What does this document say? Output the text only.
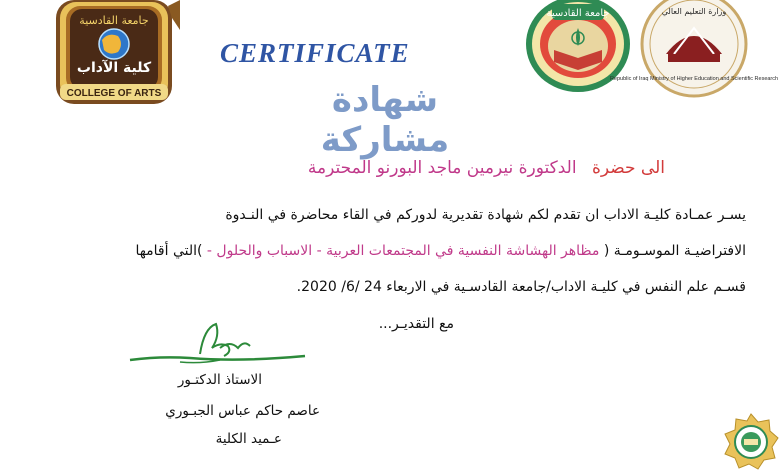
جامعة القادسية
كلية الآداب
COLLEGE OF ARTS
CERTIFICATE
شهادة مشاركة
جامعة القادسية	وزارة التعليم العالي
Republic of Iraq Ministry of Higher Education and Scientific Research
الى حضرة الدكتورة نيرمين ماجد البورنو المحترمة
يسـر عمـادة كليـة الاداب ان تقدم لكم شهادة تقديرية لدوركم في القاء محاضرة في النـدوة
الافتراضيـة الموسـومـة ( مظاهر الهشاشة النفسية في المجتمعات العربية - الاسباب والحلول - )التي أقامها
قسـم علم النفس في كليـة الاداب/جامعة القادسـية في الاربعاء 24 /6/ 2020.
مع التقديـر...
الاستاذ الدكتـور
عاصم حاكم عباس الجبـوري
عـميد الكلية
